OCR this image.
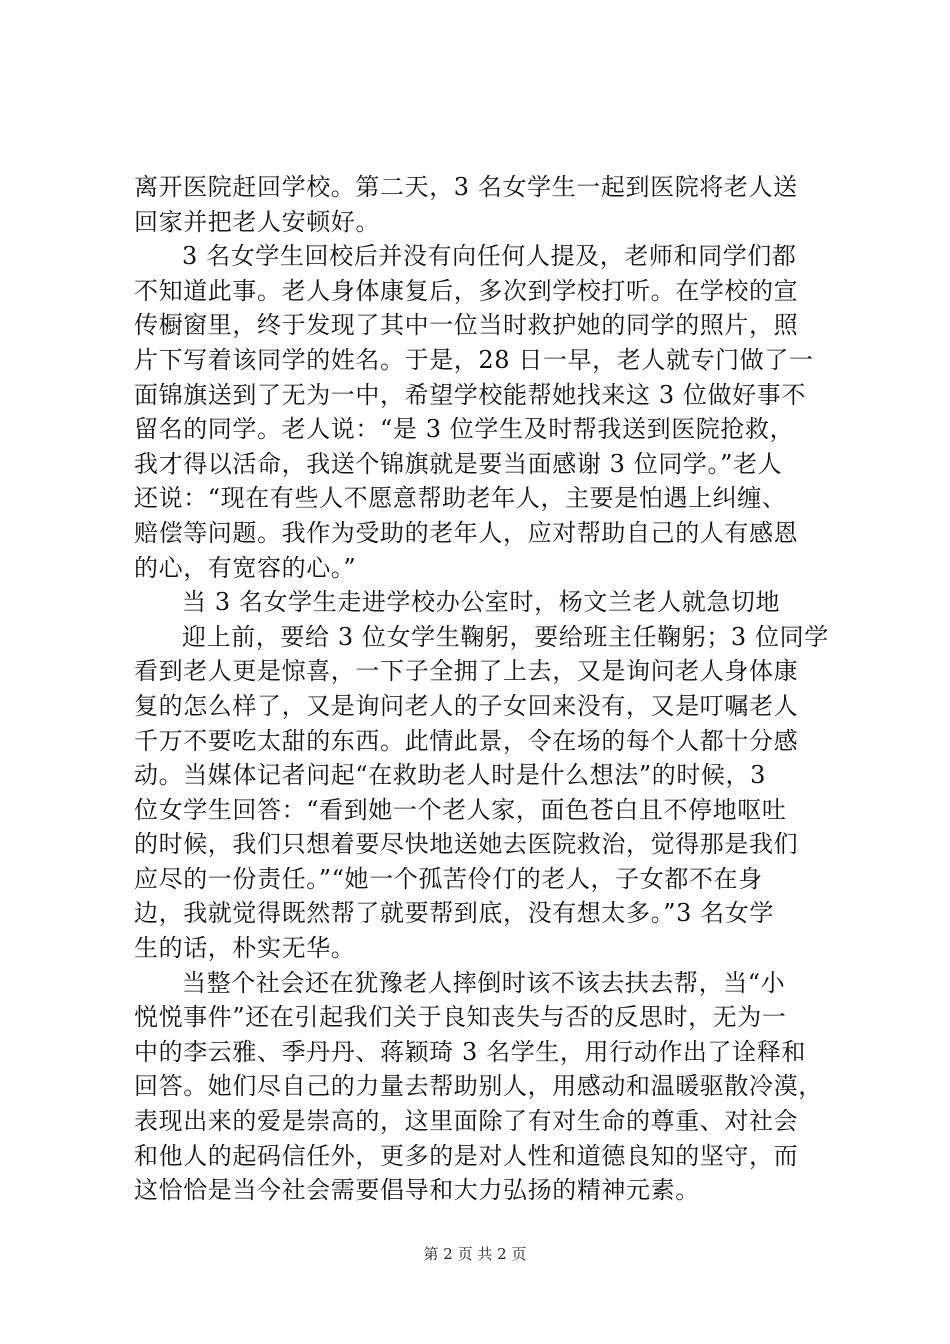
离开医院赶回学校。第二天，3 名女学生一起到医院将老人送
回家并把老人安顿好。
3 名女学生回校后并没有向任何人提及，老师和同学们都
不知道此事。老人身体康复后，多次到学校打听。在学校的宣
传橱窗里，终于发现了其中一位当时救护她的同学的照片，照
片下写着该同学的姓名。于是，28 日一早，老人就专门做了一
面锦旗送到了无为一中，希望学校能帮她找来这 3 位做好事不
留名的同学。老人说：“是 3 位学生及时帮我送到医院抢救，
我才得以活命，我送个锦旗就是要当面感谢 3 位同学。”老人
还说：“现在有些人不愿意帮助老年人，主要是怕遇上纠缠、
赔偿等问题。我作为受助的老年人，应对帮助自己的人有感恩
的心，有宽容的心。”
当 3 名女学生走进学校办公室时，杨文兰老人就急切地
迎上前，要给 3 位女学生鞠躬，要给班主任鞠躬；3 位同学
看到老人更是惊喜，一下子全拥了上去，又是询问老人身体康
复的怎么样了，又是询问老人的子女回来没有，又是叮嘱老人
千万不要吃太甜的东西。此情此景，令在场的每个人都十分感
动。当媒体记者问起“在救助老人时是什么想法”的时候，3
位女学生回答：“看到她一个老人家，面色苍白且不停地呕吐
的时候，我们只想着要尽快地送她去医院救治，觉得那是我们
应尽的一份责任。”“她一个孤苦伶仃的老人，子女都不在身
边，我就觉得既然帮了就要帮到底，没有想太多。”3 名女学
生的话，朴实无华。
当整个社会还在犹豫老人摔倒时该不该去扶去帮，当“小
悦悦事件”还在引起我们关于良知丧失与否的反思时，无为一
中的李云雅、季丹丹、蒋颖琦 3 名学生，用行动作出了诠释和
回答。她们尽自己的力量去帮助别人，用感动和温暖驱散冷漠，
表现出来的爱是崇高的，这里面除了有对生命的尊重、对社会
和他人的起码信任外，更多的是对人性和道德良知的坚守，而
这恰恰是当今社会需要倡导和大力弘扬的精神元素。
第 2 页 共 2 页
